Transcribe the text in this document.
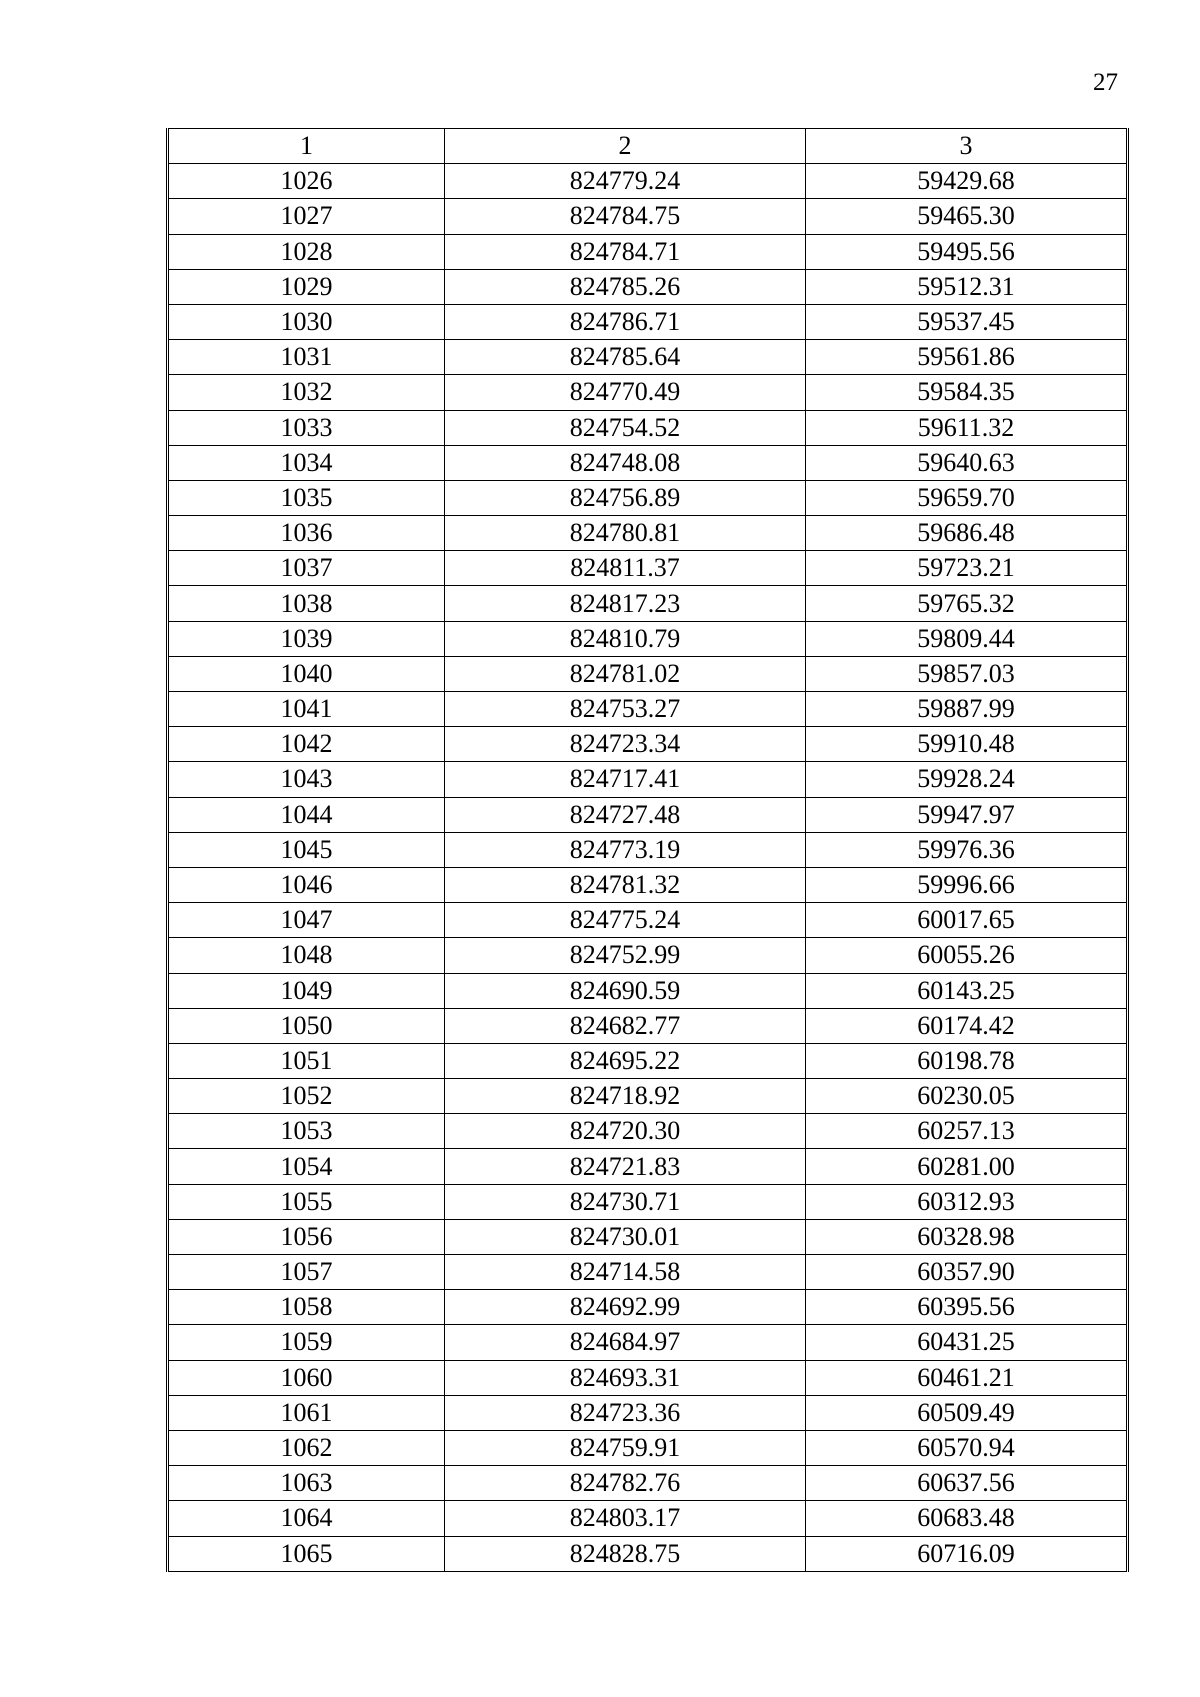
27
1	2	3
1026	824779.24	59429.68
1027	824784.75	59465.30
1028	824784.71	59495.56
1029	824785.26	59512.31
1030	824786.71	59537.45
1031	824785.64	59561.86
1032	824770.49	59584.35
1033	824754.52	59611.32
1034	824748.08	59640.63
1035	824756.89	59659.70
1036	824780.81	59686.48
1037	824811.37	59723.21
1038	824817.23	59765.32
1039	824810.79	59809.44
1040	824781.02	59857.03
1041	824753.27	59887.99
1042	824723.34	59910.48
1043	824717.41	59928.24
1044	824727.48	59947.97
1045	824773.19	59976.36
1046	824781.32	59996.66
1047	824775.24	60017.65
1048	824752.99	60055.26
1049	824690.59	60143.25
1050	824682.77	60174.42
1051	824695.22	60198.78
1052	824718.92	60230.05
1053	824720.30	60257.13
1054	824721.83	60281.00
1055	824730.71	60312.93
1056	824730.01	60328.98
1057	824714.58	60357.90
1058	824692.99	60395.56
1059	824684.97	60431.25
1060	824693.31	60461.21
1061	824723.36	60509.49
1062	824759.91	60570.94
1063	824782.76	60637.56
1064	824803.17	60683.48
1065	824828.75	60716.09
